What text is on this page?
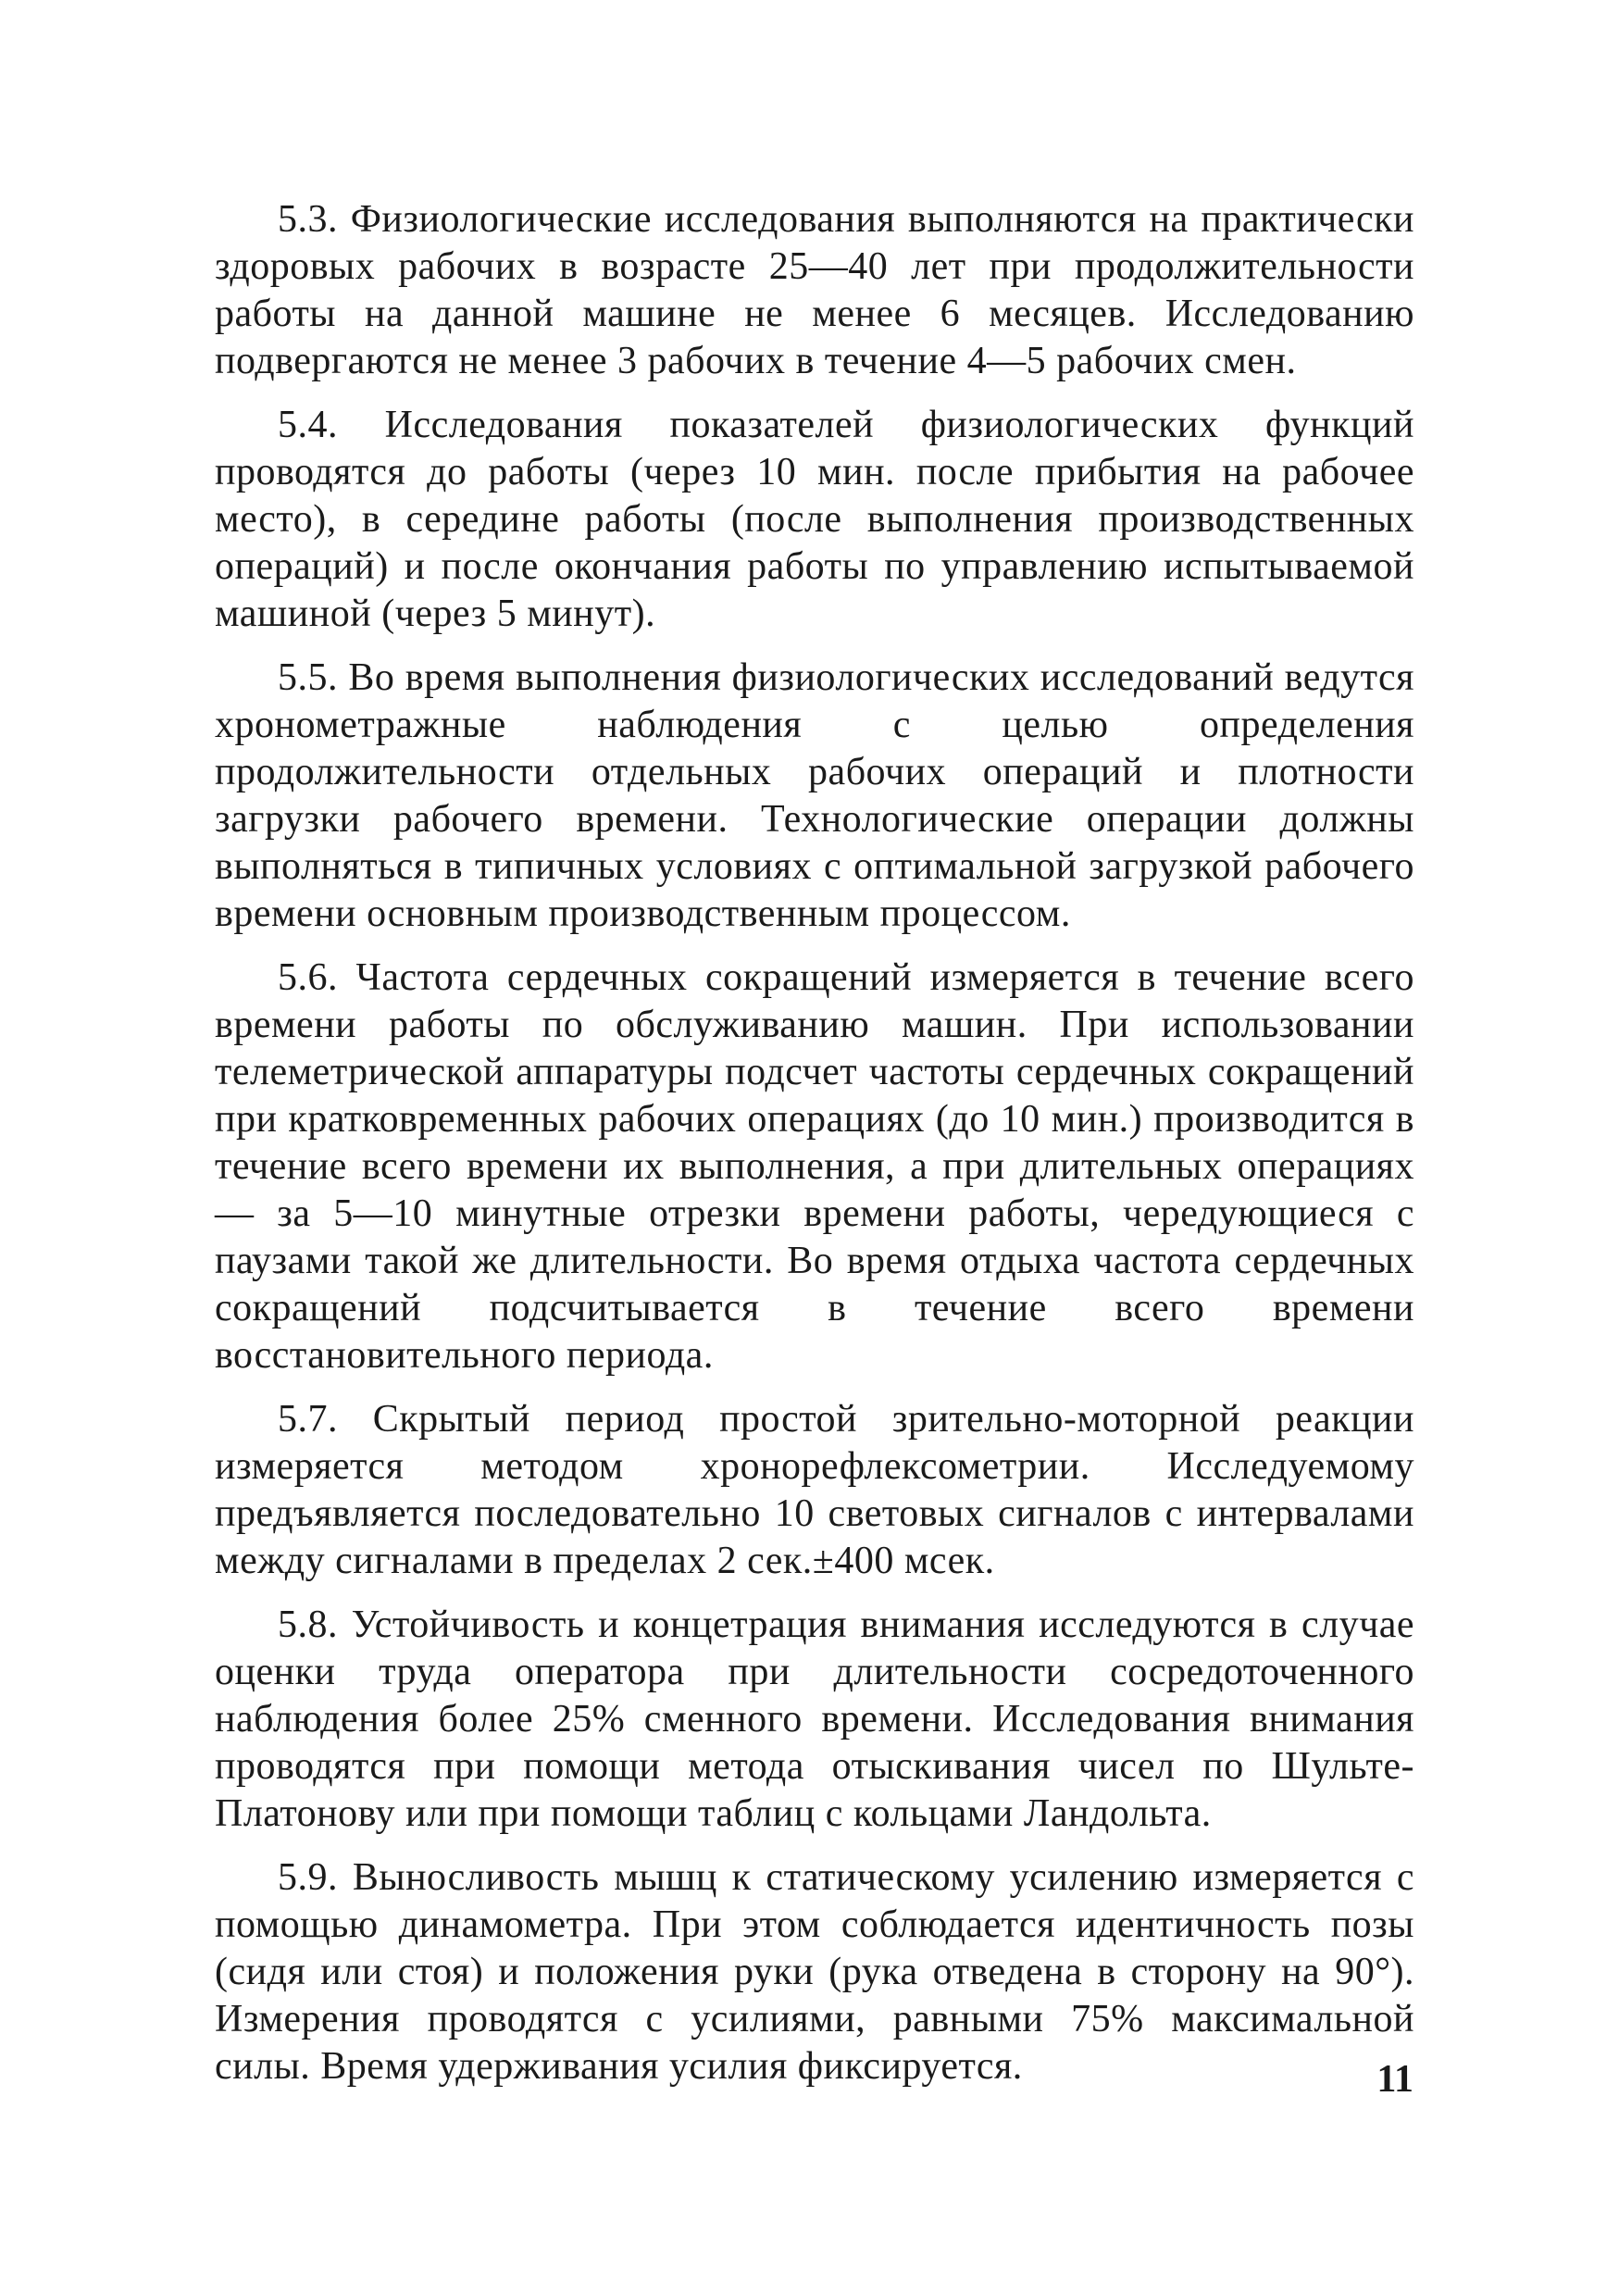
5.3. Физиологические исследования выполняются на практически здоровых рабочих в возрасте 25—40 лет при продолжительности работы на данной машине не менее 6 месяцев. Исследованию подвергаются не менее 3 рабочих в течение 4—5 рабочих смен.

5.4. Исследования показателей физиологических функций проводятся до работы (через 10 мин. после прибытия на рабочее место), в середине работы (после выполнения производственных операций) и после окончания работы по управлению испытываемой машиной (через 5 минут).

5.5. Во время выполнения физиологических исследований ведутся хронометражные наблюдения с целью определения продолжительности отдельных рабочих операций и плотности загрузки рабочего времени. Технологические операции должны выполняться в типичных условиях с оптимальной загрузкой рабочего времени основным производственным процессом.

5.6. Частота сердечных сокращений измеряется в течение всего времени работы по обслуживанию машин. При использовании телеметрической аппаратуры подсчет частоты сердечных сокращений при кратковременных рабочих операциях (до 10 мин.) производится в течение всего времени их выполнения, а при длительных операциях — за 5—10 минутные отрезки времени работы, чередующиеся с паузами такой же длительности. Во время отдыха частота сердечных сокращений подсчитывается в течение всего времени восстановительного периода.

5.7. Скрытый период простой зрительно-моторной реакции измеряется методом хронорефлексометрии. Исследуемому предъявляется последовательно 10 световых сигналов с интервалами между сигналами в пределах 2 сек.±400 мсек.

5.8. Устойчивость и концетрация внимания исследуются в случае оценки труда оператора при длительности сосредоточенного наблюдения более 25% сменного времени. Исследования внимания проводятся при помощи метода отыскивания чисел по Шульте-Платонову или при помощи таблиц с кольцами Ландольта.

5.9. Выносливость мышц к статическому усилению измеряется с помощью динамометра. При этом соблюдается идентичность позы (сидя или стоя) и положения руки (рука отведена в сторону на 90°). Измерения проводятся с усилиями, равными 75% максимальной силы. Время удерживания усилия фиксируется.	11
